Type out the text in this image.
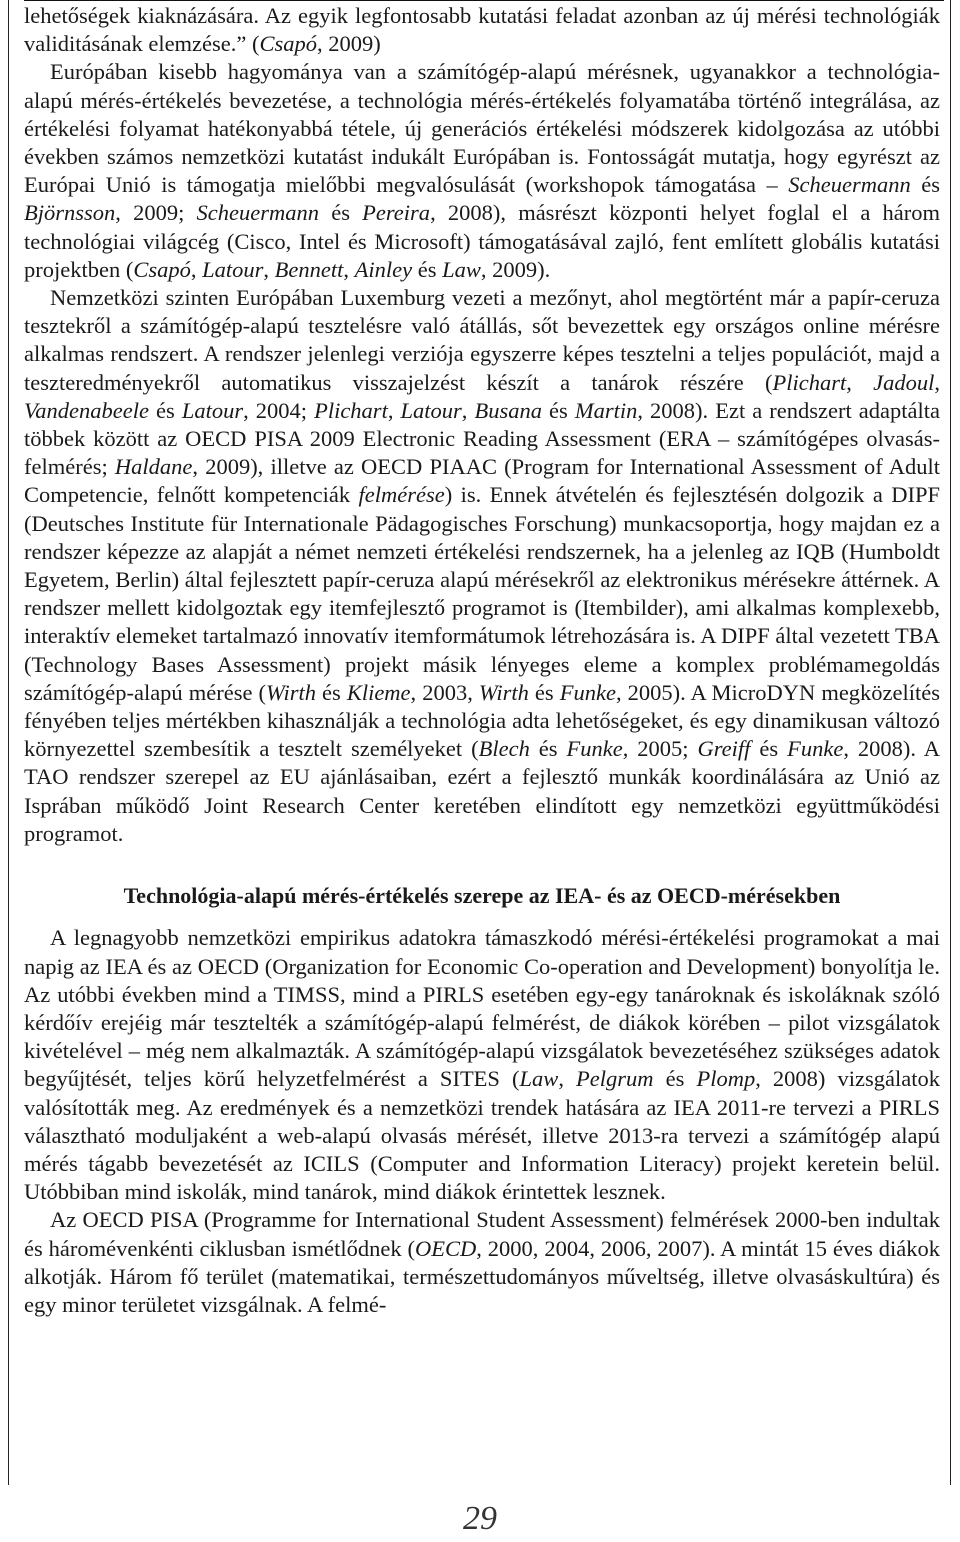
lehetőségek kiaknázására. Az egyik legfontosabb kutatási feladat azonban az új mérési technológiák validitásának elemzése.” (Csapó, 2009)

Európában kisebb hagyománya van a számítógép-alapú mérésnek, ugyanakkor a technológia-alapú mérés-értékelés bevezetése, a technológia mérés-értékelés folyamatába történő integrálása, az értékelési folyamat hatékonyabbá tétele, új generációs értékelési módszerek kidolgozása az utóbbi években számos nemzetközi kutatást indukált Európában is. Fontosságát mutatja, hogy egyrészt az Európai Unió is támogatja mielőbbi megvalósulását (workshopok támogatása – Scheuermann és Björnsson, 2009; Scheuermann és Pereira, 2008), másrészt központi helyet foglal el a három technológiai világcég (Cisco, Intel és Microsoft) támogatásával zajló, fent említett globális kutatási projektben (Csapó, Latour, Bennett, Ainley és Law, 2009).

Nemzetközi szinten Európában Luxemburg vezeti a mezőnyt, ahol megtörtént már a papír-ceruza tesztekről a számítógép-alapú tesztelésre való átállás, sőt bevezettek egy országos online mérésre alkalmas rendszert. A rendszer jelenlegi verziója egyszerre képes tesztelni a teljes populációt, majd a teszteredményekről automatikus visszajelzést készít a tanárok részére (Plichart, Jadoul, Vandenabeele és Latour, 2004; Plichart, Latour, Busana és Martin, 2008). Ezt a rendszert adaptálta többek között az OECD PISA 2009 Electronic Reading Assessment (ERA – számítógépes olvasás-felmérés; Haldane, 2009), illetve az OECD PIAAC (Program for International Assessment of Adult Competencie, felnőtt kompetenciák felmérése) is. Ennek átvételén és fejlesztésén dolgozik a DIPF (Deutsches Institute für Internationale Pädagogisches Forschung) munkacsoportja, hogy majdan ez a rendszer képezze az alapját a német nemzeti értékelési rendszernek, ha a jelenleg az IQB (Humboldt Egyetem, Berlin) által fejlesztett papír-ceruza alapú mérésekről az elektronikus mérésekre áttérnek. A rendszer mellett kidolgoztak egy itemfejlesztő programot is (Itembilder), ami alkalmas komplexebb, interaktív elemeket tartalmazó innovatív itemformátumok létrehozására is. A DIPF által vezetett TBA (Technology Bases Assessment) projekt másik lényeges eleme a komplex problémamegoldás számítógép-alapú mérése (Wirth és Klieme, 2003, Wirth és Funke, 2005). A MicroDYN megközelítés fényében teljes mértékben kihasználják a technológia adta lehetőségeket, és egy dinamikusan változó környezettel szembesítik a tesztelt személyeket (Blech és Funke, 2005; Greiff és Funke, 2008). A TAO rendszer szerepel az EU ajánlásaiban, ezért a fejlesztő munkák koordinálására az Unió az Isprában működő Joint Research Center keretében elindított egy nemzetközi együttműködési programot.

Technológia-alapú mérés-értékelés szerepe az IEA- és az OECD-mérésekben

A legnagyobb nemzetközi empirikus adatokra támaszkodó mérési-értékelési programokat a mai napig az IEA és az OECD (Organization for Economic Co-operation and Development) bonyolítja le. Az utóbbi években mind a TIMSS, mind a PIRLS esetében egy-egy tanároknak és iskoláknak szóló kérdőív erejéig már tesztelték a számítógép-alapú felmérést, de diákok körében – pilot vizsgálatok kivételével – még nem alkalmazták. A számítógép-alapú vizsgálatok bevezetéséhez szükséges adatok begyűjtését, teljes körű helyzetfelmérést a SITES (Law, Pelgrum és Plomp, 2008) vizsgálatok valósították meg. Az eredmények és a nemzetközi trendek hatására az IEA 2011-re tervezi a PIRLS választható moduljaként a web-alapú olvasás mérését, illetve 2013-ra tervezi a számítógép alapú mérés tágabb bevezetését az ICILS (Computer and Information Literacy) projekt keretein belül. Utóbbiban mind iskolák, mind tanárok, mind diákok érintettek lesznek.

Az OECD PISA (Programme for International Student Assessment) felmérések 2000-ben indultak és háromévenkénti ciklusban ismétlődnek (OECD, 2000, 2004, 2006, 2007). A mintát 15 éves diákok alkotják. Három fő terület (matematikai, természettudományos műveltség, illetve olvasáskultúra) és egy minor területet vizsgálnak. A felmé-

29
